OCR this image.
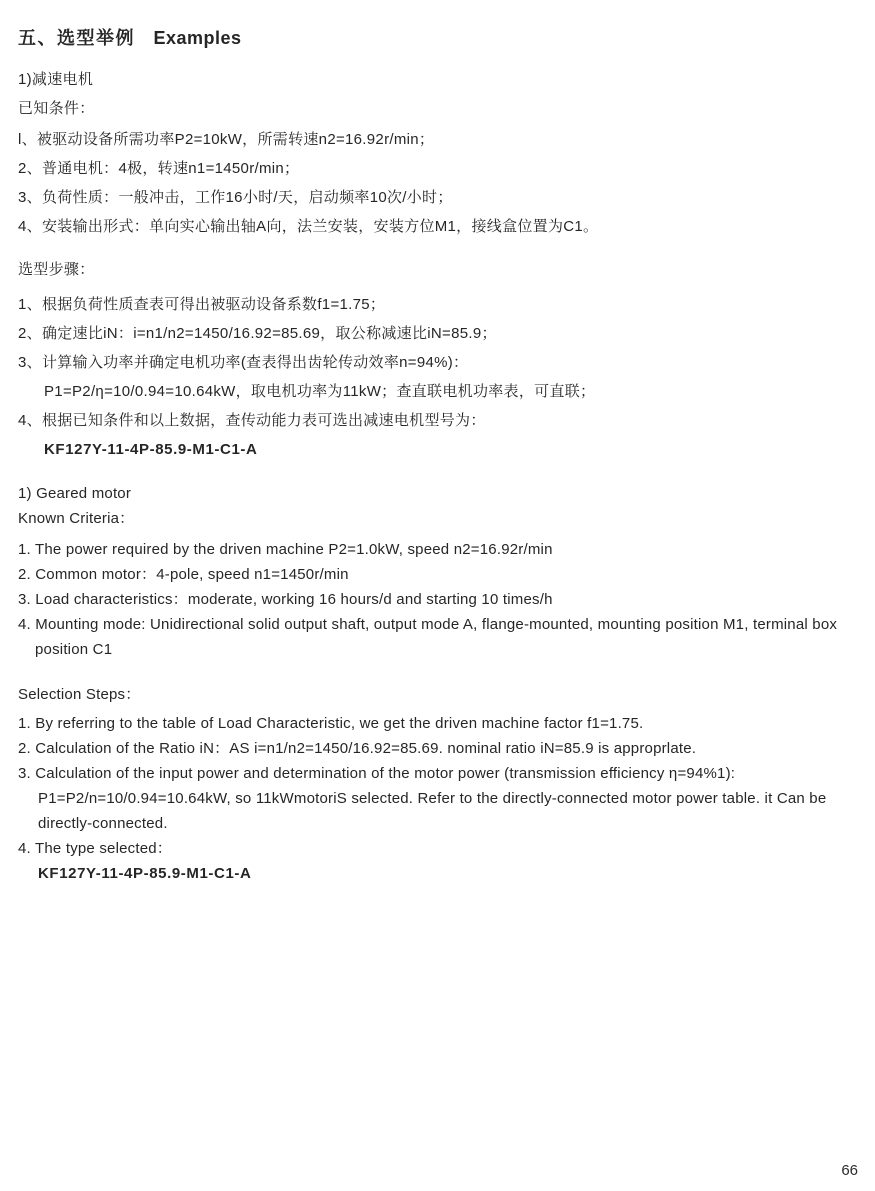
五、选型举例 Examples

1)减速电机

已知条件：

l、被驱动设备所需功率P2=10kW，所需转速n2=16.92r/min；

2、普通电机：4极，转速n1=1450r/min；

3、负荷性质：一般冲击，工作16小时/天，启动频率10次/小时；

4、安装输出形式：单向实心输出轴A向，法兰安装，安装方位M1，接线盒位置为C1。

选型步骤：

1、根据负荷性质查表可得出被驱动设备系数f1=1.75；

2、确定速比iN：i=n1/n2=1450/16.92=85.69，取公称减速比iN=85.9；

3、计算输入功率并确定电机功率(查表得出齿轮传动效率n=94%)：

P1=P2/η=10/0.94=10.64kW，取电机功率为11kW；查直联电机功率表，可直联；

4、根据已知条件和以上数据，查传动能力表可选出减速电机型号为：

KF127Y-11-4P-85.9-M1-C1-A

1) Geared motor

Known Criteria：

1. The power required by the driven machine P2=1.0kW, speed n2=16.92r/min

2. Common motor：4-pole, speed n1=1450r/min

3. Load characteristics：moderate, working 16 hours/d and starting 10 times/h

4. Mounting mode: Unidirectional solid output shaft, output mode A, flange-mounted, mounting position M1, terminal box position C1

Selection Steps：

1. By referring to the table of Load Characteristic, we get the driven machine factor f1=1.75.

2. Calculation of the Ratio iN：AS i=n1/n2=1450/16.92=85.69. nominal ratio iN=85.9 is approprlate.

3. Calculation of the input power and determination of the motor power (transmission efficiency η=94%1):

P1=P2/n=10/0.94=10.64kW, so 11kWmotoriS selected. Refer to the directly-connected motor power table. it Can be directly-connected.

4. The type selected：

KF127Y-11-4P-85.9-M1-C1-A

66
